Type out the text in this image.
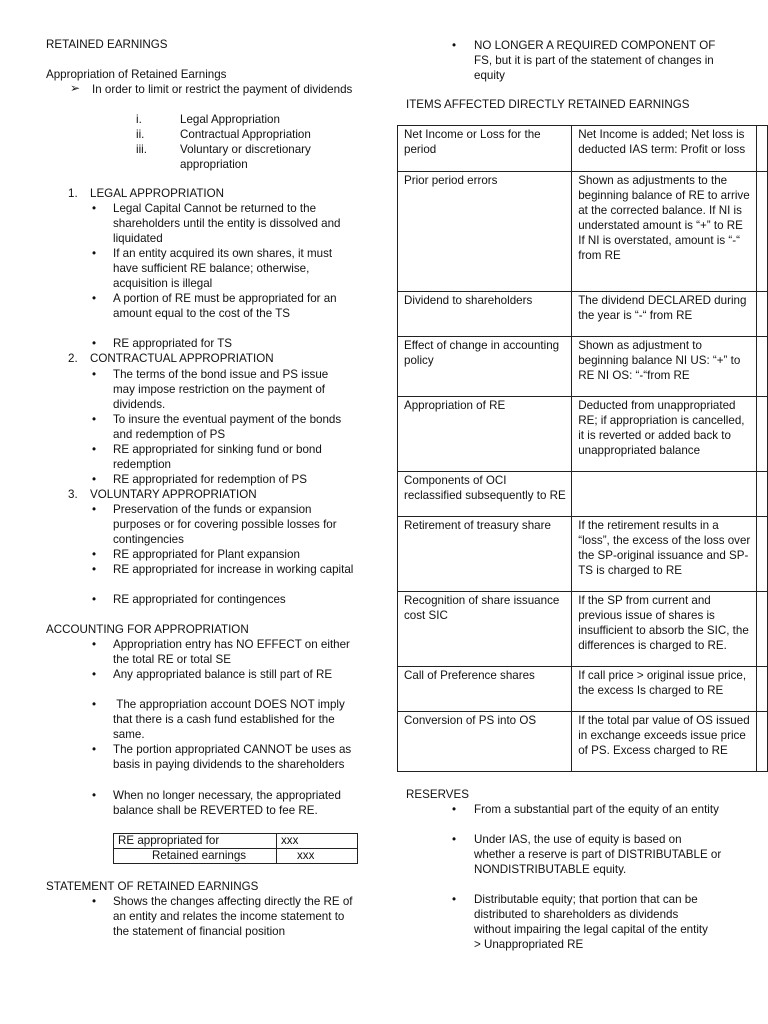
RETAINED EARNINGS

Appropriation of Retained Earnings

➢ In order to limit or restrict the payment of dividends

i.	Legal Appropriation

ii.	Contractual Appropriation

iii.	Voluntary or discretionary appropriation

1. LEGAL APPROPRIATION

•

Legal Capital Cannot be returned to the shareholders until the entity is dissolved and liquidated

•

If an entity acquired its own shares, it must have sufficient RE balance; otherwise, acquisition is illegal

•

A portion of RE must be appropriated for an amount equal to the cost of the TS

•

RE appropriated for TS

2. CONTRACTUAL APPROPRIATION

•

The terms of the bond issue and PS issue may impose restriction on the payment of dividends.

•

To insure the eventual payment of the bonds and redemption of PS

•

RE appropriated for sinking fund or bond redemption

•

RE appropriated for redemption of PS

3. VOLUNTARY APPROPRIATION

•

Preservation of the funds or expansion purposes or for covering possible losses for contingencies

•

RE appropriated for Plant expansion

•

RE appropriated for increase in working capital

•

RE appropriated for contingences

ACCOUNTING FOR APPROPRIATION

•

Appropriation entry has NO EFFECT on either the total RE or total SE

•

Any appropriated balance is still part of RE

•

The appropriation account DOES NOT imply that there is a cash fund established for the same.

•

The portion appropriated CANNOT be uses as basis in paying dividends to the shareholders

•

When no longer necessary, the appropriated balance shall be REVERTED to fee RE.

RE appropriated for	xxx
Retained earnings	xxx

STATEMENT OF RETAINED EARNINGS

•

Shows the changes affecting directly the RE of an entity and relates the income statement to the statement of financial position

•

NO LONGER A REQUIRED COMPONENT OF FS, but it is part of the statement of changes in equity

ITEMS AFFECTED DIRECTLY RETAINED EARNINGS

Net Income or Loss for the period	Net Income is added; Net loss is deducted IAS term: Profit or loss	
Prior period errors	Shown as adjustments to the beginning balance of RE to arrive at the corrected balance. If NI is understated amount is “+” to RE If NI is overstated, amount is “-“ from RE	
Dividend to shareholders	The dividend DECLARED during the year is “-“ from RE	
Effect of change in accounting policy	Shown as adjustment to beginning balance NI US: “+” to RE NI OS: “-“from RE	
Appropriation of RE	Deducted from unappropriated RE; if appropriation is cancelled, it is reverted or added back to unappropriated balance	
Components of OCI reclassified subsequently to RE		
Retirement of treasury share	If the retirement results in a “loss”, the excess of the loss over the SP-original issuance and SP-TS is charged to RE	
Recognition of share issuance cost SIC	If the SP from current and previous issue of shares is insufficient to absorb the SIC, the differences is charged to RE.	
Call of Preference shares	If call price > original issue price, the excess Is charged to RE	
Conversion of PS into OS	If the total par value of OS issued in exchange exceeds issue price of PS. Excess charged to RE	

RESERVES

•

From a substantial part of the equity of an entity

•

Under IAS, the use of equity is based on whether a reserve is part of DISTRIBUTABLE or NONDISTRIBUTABLE equity.

•

Distributable equity; that portion that can be distributed to shareholders as dividends without impairing the legal capital of the entity > Unappropriated RE
